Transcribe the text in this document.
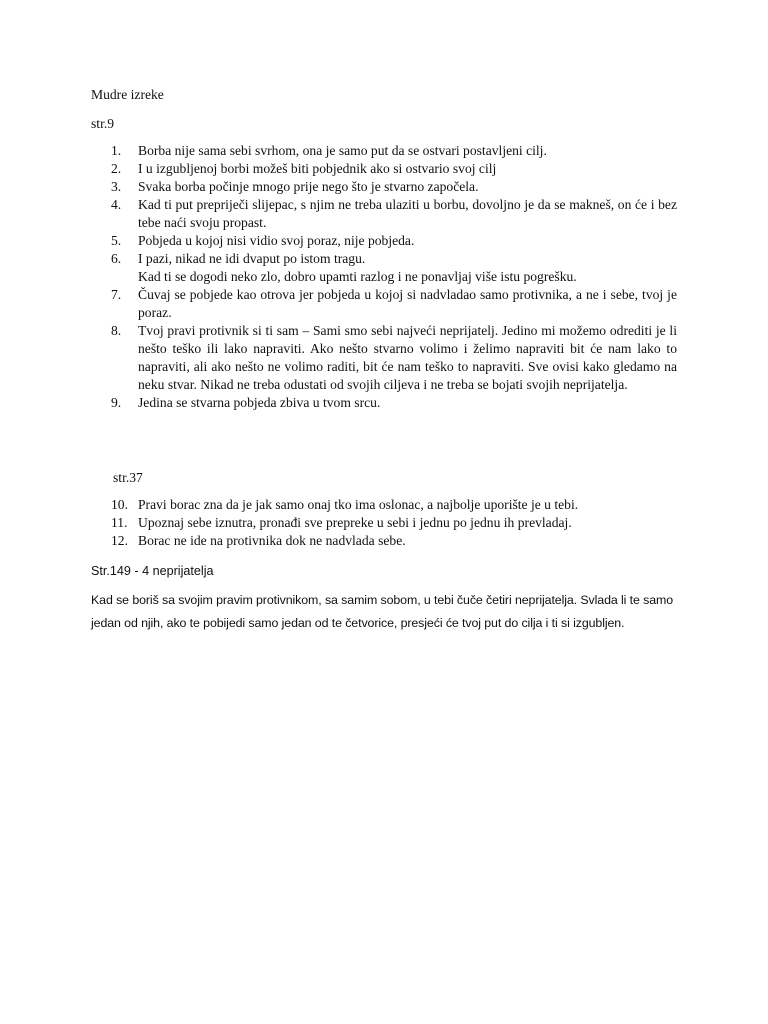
Mudre izreke

str.9

1.	Borba nije sama sebi svrhom, ona je samo put da se ostvari postavljeni cilj.
2.	I u izgubljenoj borbi možeš biti pobjednik ako si ostvario svoj cilj
3.	Svaka borba počinje mnogo prije nego što je stvarno započela.
4.	Kad ti put prepriječi slijepac, s njim ne treba ulaziti u borbu, dovoljno je da se makneš, on će i bez tebe naći svoju propast.
5.	Pobjeda u kojoj nisi vidio svoj poraz, nije pobjeda.
6.	I pazi, nikad ne idi dvaput po istom tragu.
Kad ti se dogodi neko zlo, dobro upamti razlog i ne ponavljaj više istu pogrešku.
7.	Čuvaj se pobjede kao otrova jer pobjeda u kojoj si nadvladao samo protivnika, a ne i sebe, tvoj je poraz.
8.	Tvoj pravi protivnik si ti sam – Sami smo sebi najveći neprijatelj. Jedino mi možemo odrediti je li nešto teško ili lako napraviti. Ako nešto stvarno volimo i želimo napraviti bit će nam lako to napraviti, ali ako nešto ne volimo raditi, bit će nam teško to napraviti. Sve ovisi kako gledamo na neku stvar. Nikad ne treba odustati od svojih ciljeva i ne treba se bojati svojih neprijatelja.
9.	Jedina se stvarna pobjeda zbiva u tvom srcu.

str.37

10. Pravi borac zna da je jak samo onaj tko ima oslonac, a najbolje uporište je u tebi.
11. Upoznaj sebe iznutra, pronađi sve prepreke u sebi i jednu po jednu ih prevladaj.
12. Borac ne ide na protivnika dok ne nadvlada sebe.

Str.149 - 4 neprijatelja

Kad se boriš sa svojim pravim protivnikom, sa samim sobom, u tebi čuče četiri neprijatelja. Svlada li te samo jedan od njih, ako te pobijedi samo jedan od te četvorice, presjeći će tvoj put do cilja i ti si izgubljen.
